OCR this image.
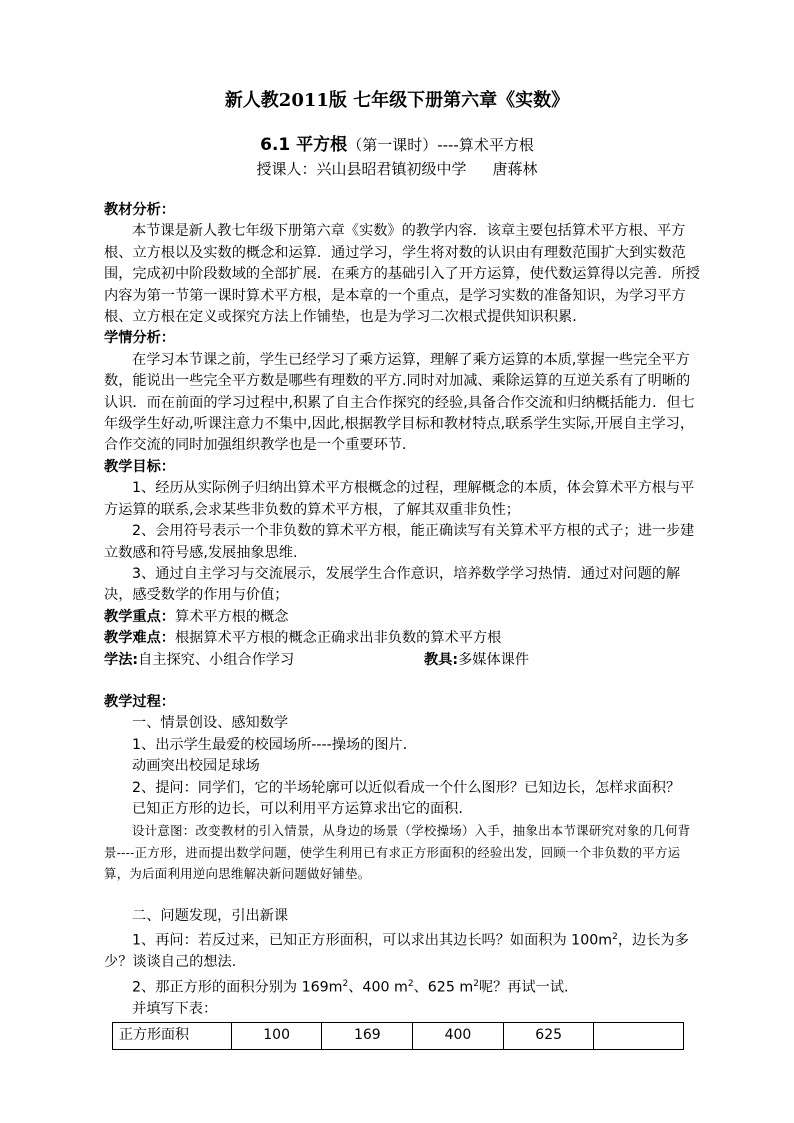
新人教2011版 七年级下册第六章《实数》
6.1 平方根（第一课时）----算术平方根
授课人：兴山县昭君镇初级中学 唐蒋林

教材分析：

本节课是新人教七年级下册第六章《实数》的教学内容．该章主要包括算术平方根、平方根、立方根以及实数的概念和运算．通过学习，学生将对数的认识由有理数范围扩大到实数范围，完成初中阶段数域的全部扩展．在乘方的基础引入了开方运算，使代数运算得以完善．所授内容为第一节第一课时算术平方根，是本章的一个重点，是学习实数的准备知识，为学习平方根、立方根在定义或探究方法上作铺垫，也是为学习二次根式提供知识积累．

学情分析：

在学习本节课之前，学生已经学习了乘方运算，理解了乘方运算的本质,掌握一些完全平方数，能说出一些完全平方数是哪些有理数的平方.同时对加减、乘除运算的互逆关系有了明晰的认识．而在前面的学习过程中,积累了自主合作探究的经验,具备合作交流和归纳概括能力．但七年级学生好动,听课注意力不集中,因此,根据教学目标和教材特点,联系学生实际,开展自主学习，合作交流的同时加强组织教学也是一个重要环节．

教学目标：

1、经历从实际例子归纳出算术平方根概念的过程，理解概念的本质，体会算术平方根与平方运算的联系,会求某些非负数的算术平方根，了解其双重非负性；

2、会用符号表示一个非负数的算术平方根，能正确读写有关算术平方根的式子；进一步建立数感和符号感,发展抽象思维.

3、通过自主学习与交流展示，发展学生合作意识，培养数学学习热情．通过对问题的解决，感受数学的作用与价值；

教学重点：算术平方根的概念

教学难点：根据算术平方根的概念正确求出非负数的算术平方根

学法:自主探究、小组合作学习	教具:多媒体课件

教学过程：

一、情景创设、感知数学

1、出示学生最爱的校园场所----操场的图片．

动画突出校园足球场

2、提问：同学们，它的半场轮廓可以近似看成一个什么图形？已知边长，怎样求面积？

已知正方形的边长，可以利用平方运算求出它的面积.

设计意图：改变教材的引入情景，从身边的场景（学校操场）入手，抽象出本节课研究对象的几何背景----正方形，进而提出数学问题，使学生利用已有求正方形面积的经验出发，回顾一个非负数的平方运算，为后面利用逆向思维解决新问题做好铺垫。

二、问题发现，引出新课

1、再问：若反过来，已知正方形面积，可以求出其边长吗？如面积为 $100m^2$，边长为多少？谈谈自己的想法.

2、那正方形的面积分别为 $169m^2$、400 $m^2$、625 $m^2$呢？再试一试.

并填写下表：

正方形面积	100	169	400	625	
